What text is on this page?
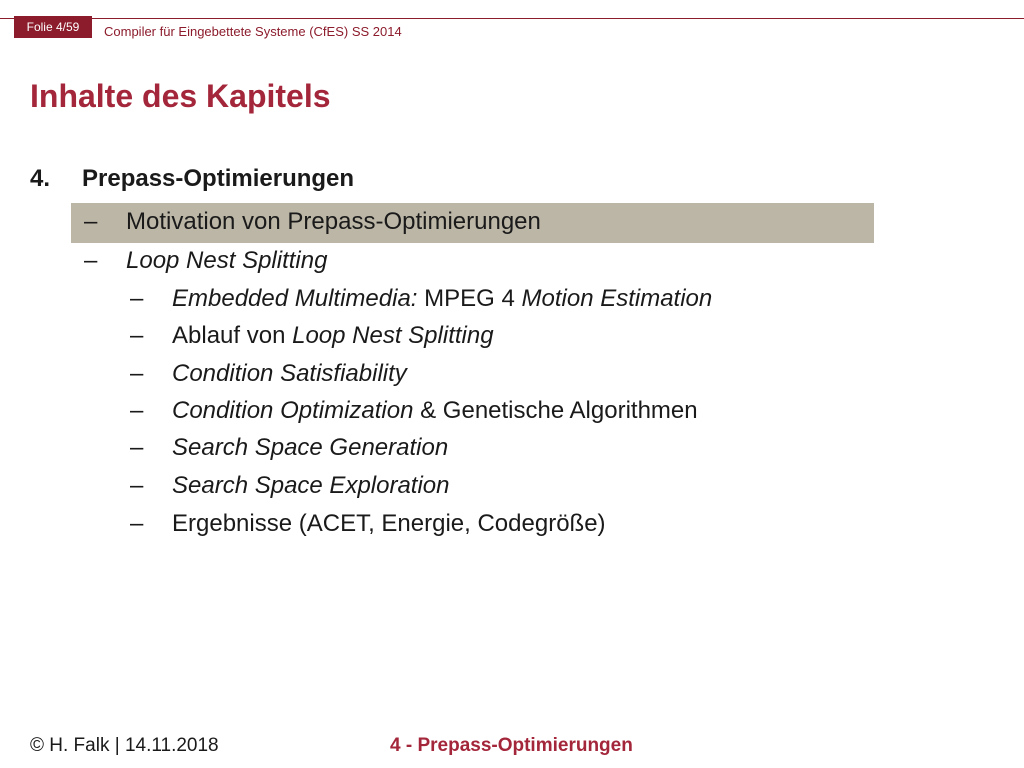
Folie 4/59	Compiler für Eingebettete Systeme (CfES) SS 2014
Inhalte des Kapitels
4. Prepass-Optimierungen
– Motivation von Prepass-Optimierungen
– Loop Nest Splitting
– Embedded Multimedia: MPEG 4 Motion Estimation
– Ablauf von Loop Nest Splitting
– Condition Satisfiability
– Condition Optimization & Genetische Algorithmen
– Search Space Generation
– Search Space Exploration
– Ergebnisse (ACET, Energie, Codegröße)
© H. Falk | 14.11.2018	4 - Prepass-Optimierungen
